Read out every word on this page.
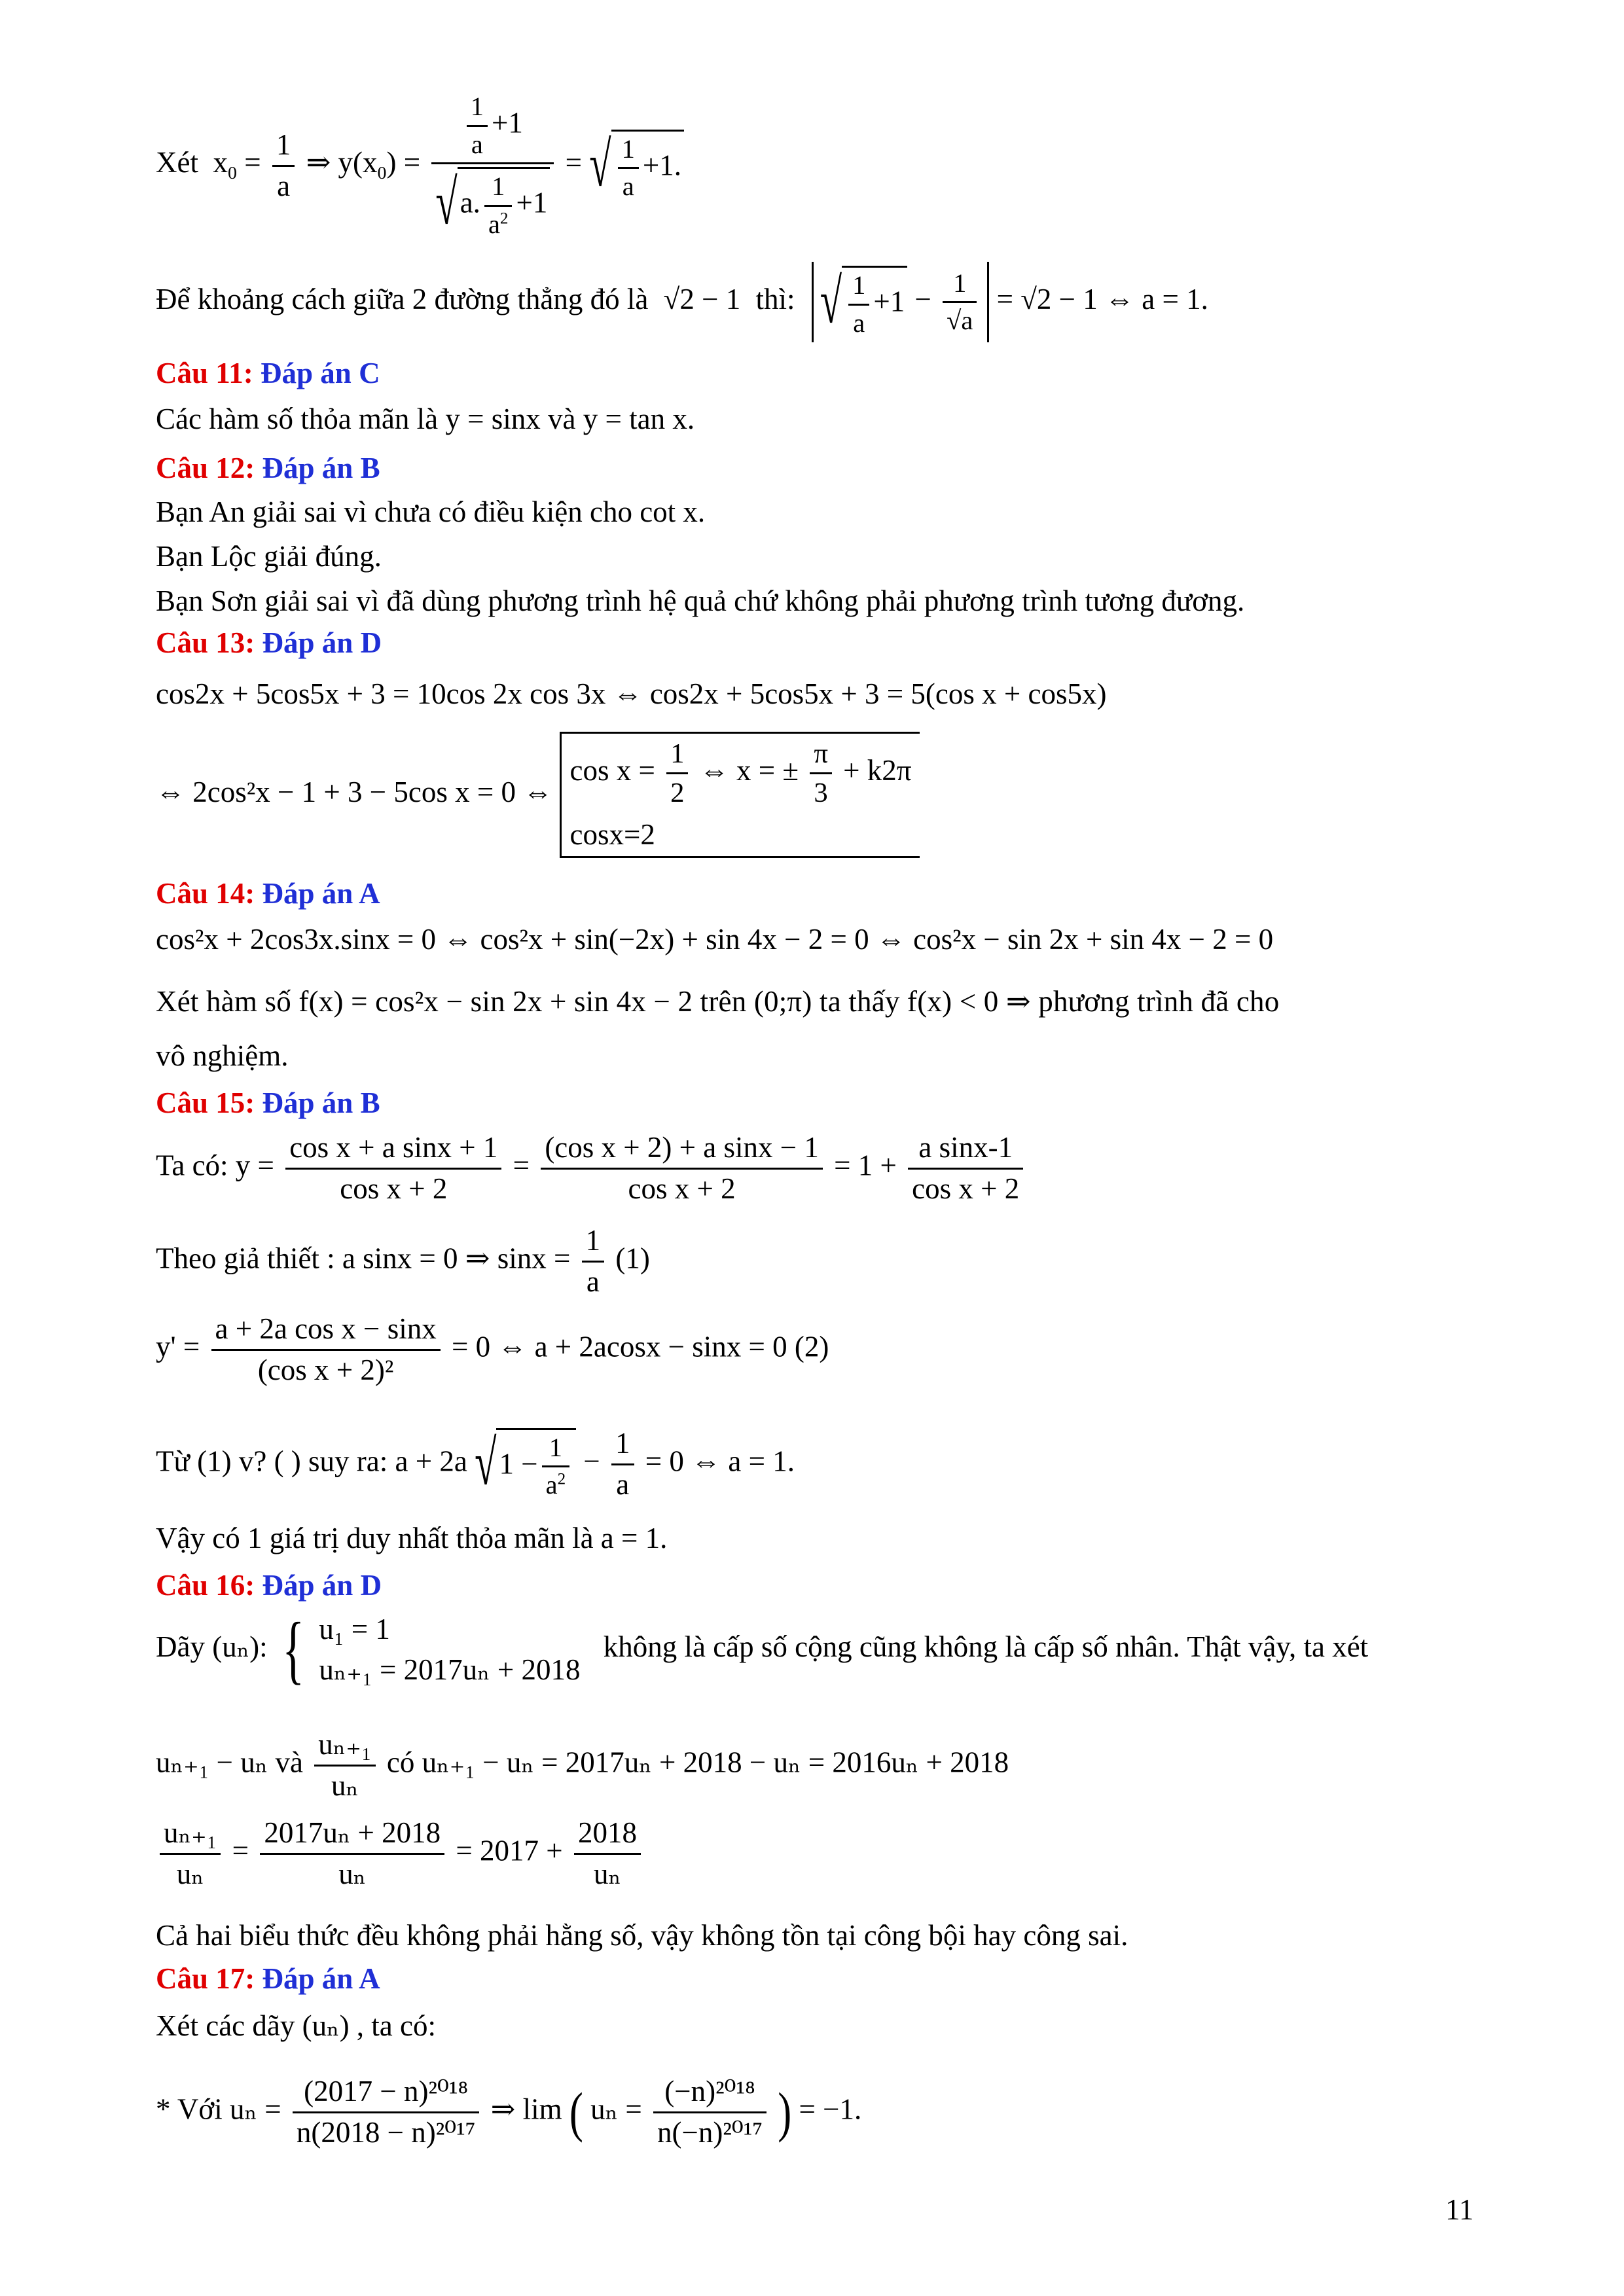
Xét  $x_0 = \frac{1}{a}$ ⇒ $y(x_0) = \frac{\frac{1}{a} +1}{√a. \frac{1}{a^2} +1}$ = √ $\frac{1}{a} +1$.
Để khoảng cách giữa 2 đường thẳng đó là √2 − 1 thì: √ $\frac{1}{a} +1 - \frac{1}{√a} = √2 - 1$ ⇔ a = 1.
Câu 11: Đáp án C
Các hàm số thỏa mãn là y = sinx và y = tan x.
Câu 12: Đáp án B
Bạn An giải sai vì chưa có điều kiện cho cot x.
Bạn Lộc giải đúng.
Bạn Sơn giải sai vì đã dùng phương trình hệ quả chứ không phải phương trình tương đương.
Câu 13: Đáp án D
cos2x + 5cos5x + 3 = 10cos 2x cos 3x ⇔ cos2x + 5cos5x + 3 = 5(cos x + cos5x)
⇔ 2cos²x − 1 + 3 − 5cos x = 0 ⇔
$\cos x = \frac{1}{2}$ ⇔ x = ± $\frac{\pi}{3} + k2\pi$
cosx=2
Câu 14: Đáp án A
cos²x + 2cos3x.sinx = 0 ⇔ cos²x + sin(−2x) + sin 4x − 2 = 0 ⇔ cos²x − sin 2x + sin 4x − 2 = 0
Xét hàm số f(x) = cos²x − sin 2x + sin 4x − 2 trên (0;π) ta thấy f(x) < 0 ⇒ phương trình đã cho
vô nghiệm.
Câu 15: Đáp án B
Ta có: $y = \frac{\text{cos x + a sinx + 1}}{\text{cos x + 2}} = \frac{\text{(cos x + 2) + a sinx − 1}}{\text{cos x + 2}} = 1 + \frac{\text{a sinx-1}}{\text{cos x + 2}}$
Theo giả thiết : a sinx = 0 ⇒ $\sin x = \frac{1}{a} (1)$
$y' = \frac{\text{a + 2a cos x − sinx}}{\text{(cos x + 2)²}} = 0$ ⇔ a + 2acosx − sinx = 0 (2)
Từ (1) v? ( ) suy ra: a + 2a $√1 - \frac{1}{a^2} - \frac{1}{a} = 0$ ⇔ a = 1.
Vậy có 1 giá trị duy nhất thỏa mãn là a = 1.
Câu 16: Đáp án D
Dãy (uₙ): { u₁ = 1
uₙ₊₁ = 2017uₙ + 2018
không là cấp số cộng cũng không là cấp số nhân. Thật vậy, ta xét
uₙ₊₁ − uₙ và $\frac{\text{uₙ₊₁}}{\text{uₙ}}$ có uₙ₊₁ − uₙ = 2017uₙ + 2018 − uₙ = 2016uₙ + 2018
$\frac{\text{uₙ₊₁}}{\text{uₙ}} = \frac{\text{2017uₙ + 2018}}{\text{uₙ}} = 2017 + \frac{2018}{\text{uₙ}}$
Cả hai biểu thức đều không phải hằng số, vậy không tồn tại công bội hay công sai.
Câu 17: Đáp án A
Xét các dãy (uₙ) , ta có:
* Với $u_n = \frac{\text{(2017 − n)²⁰¹⁸}}{\text{n(2018 − n)²⁰¹⁷}}$ ⇒ lim ( $u_n = \frac{\text{(−n)²⁰¹⁸}}{\text{n(−n)²⁰¹⁷}}$ ) = −1.
11
